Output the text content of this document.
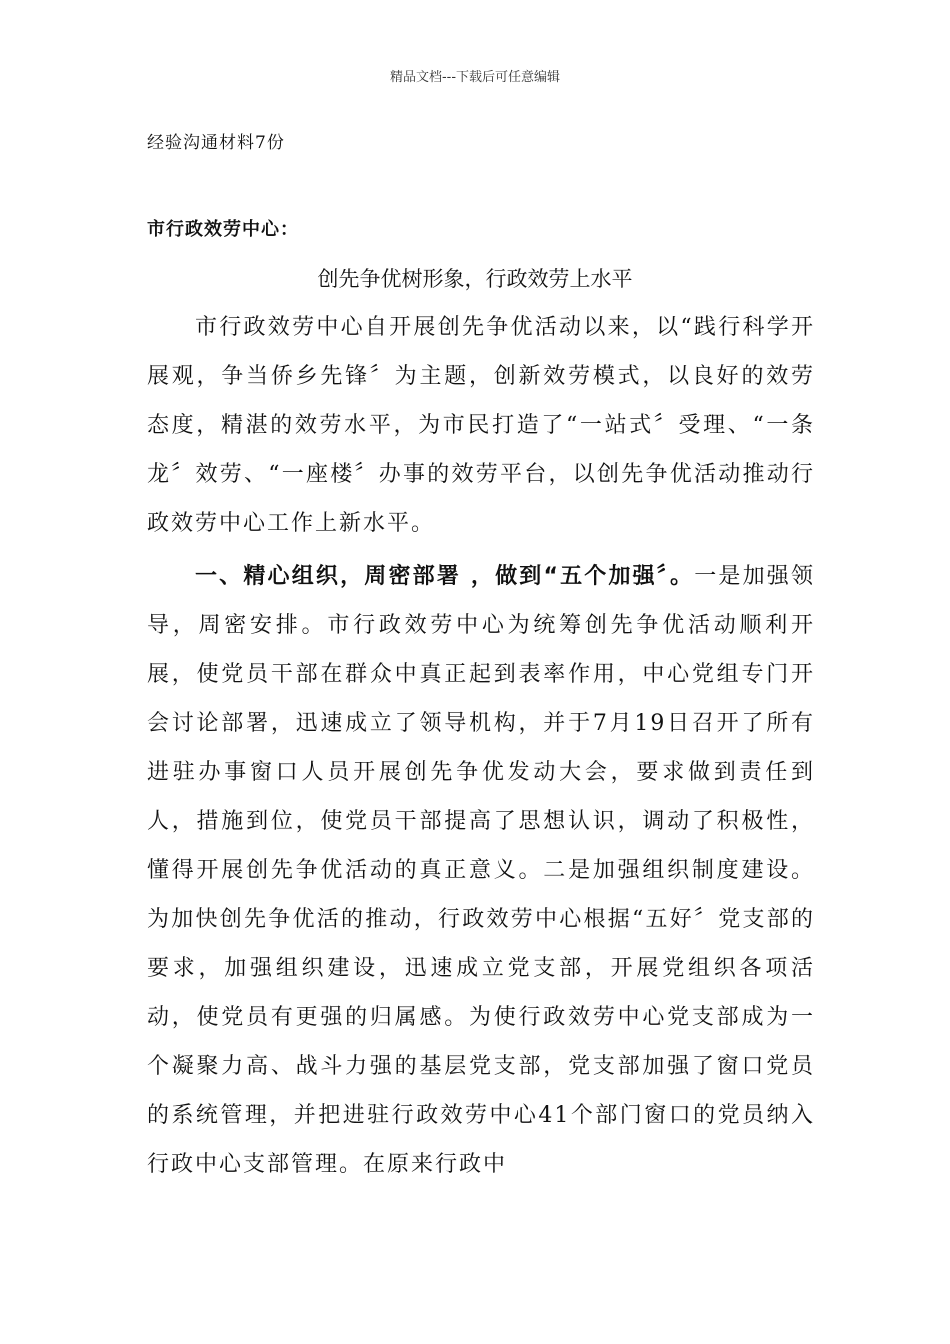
精品文档---下载后可任意编辑
经验沟通材料7份
市行政效劳中心：
创先争优树形象，行政效劳上水平

市行政效劳中心自开展创先争优活动以来，以“践行科学开展观，争当侨乡先锋〞为主题，创新效劳模式，以良好的效劳态度，精湛的效劳水平，为市民打造了“一站式〞受理、“一条龙〞效劳、“一座楼〞办事的效劳平台，以创先争优活动推动行政效劳中心工作上新水平。

一、精心组织，周密部署 ，做到“五个加强〞。一是加强领导，周密安排。市行政效劳中心为统筹创先争优活动顺利开展，使党员干部在群众中真正起到表率作用，中心党组专门开会讨论部署，迅速成立了领导机构，并于7月19日召开了所有进驻办事窗口人员开展创先争优发动大会，要求做到责任到人，措施到位，使党员干部提高了思想认识，调动了积极性，懂得开展创先争优活动的真正意义。二是加强组织制度建设。为加快创先争优活的推动，行政效劳中心根据“五好〞党支部的要求，加强组织建设，迅速成立党支部，开展党组织各项活动，使党员有更强的归属感。为使行政效劳中心党支部成为一个凝聚力高、战斗力强的基层党支部，党支部加强了窗口党员的系统管理，并把进驻行政效劳中心41个部门窗口的党员纳入行政中心支部管理。在原来行政中
